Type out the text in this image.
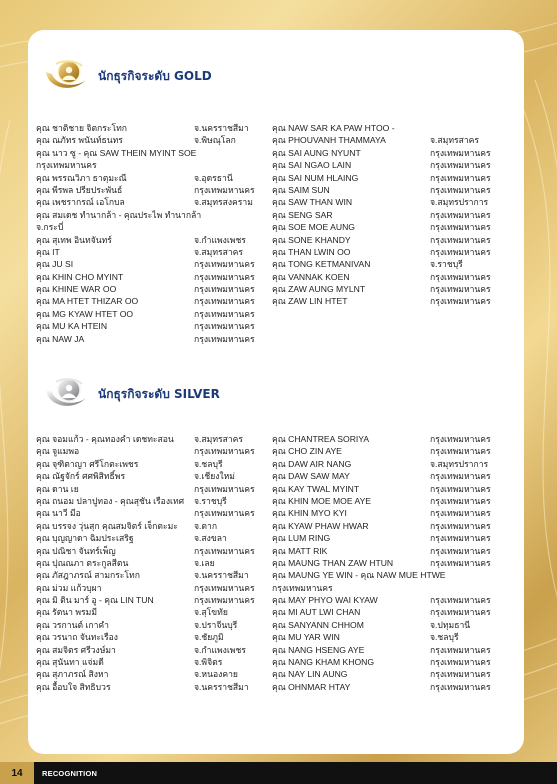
นักธุรกิจระดับ GOLD
คุณ ชาติชาย จิตกระโทก	จ.นครราชสีมา
คุณ ณภัทร พนันท์ธนทร	จ.พิษณุโลก
คุณ นาว ซู - คุณ SAW THEIN MYINT SOE
กรุงเทพมหานคร
คุณ พรรณวิภา ธาตุมะณี	จ.อุดรธานี
คุณ พีรพล ปรียประพันธ์	กรุงเทพมหานคร
คุณ เพชรากรณ์ เอโกบล	จ.สมุทรสงคราม
คุณ สมเดช ทำนากล้า - คุณประไพ ทำนากล้า
จ.กระบี่
คุณ สุเทพ อินทจันทร์	จ.กำแพงเพชร
คุณ IT	จ.สมุทรสาคร
คุณ JU SI	กรุงเทพมหานคร
คุณ KHIN CHO MYINT	กรุงเทพมหานคร
คุณ KHINE WAR OO	กรุงเทพมหานคร
คุณ MA HTET THIZAR OO	กรุงเทพมหานคร
คุณ MG KYAW HTET OO	กรุงเทพมหานคร
คุณ MU KA HTEIN	กรุงเทพมหานคร
คุณ NAW JA	กรุงเทพมหานคร
คุณ NAW SAR KA PAW HTOO -
คุณ PHOUVANH THAMMAYA	จ.สมุทรสาคร
คุณ SAI AUNG NYUNT	กรุงเทพมหานคร
คุณ SAI NGAO LAIN	กรุงเทพมหานคร
คุณ SAI NUM HLAING	กรุงเทพมหานคร
คุณ SAIM SUN	กรุงเทพมหานคร
คุณ SAW THAN WIN	จ.สมุทรปราการ
คุณ SENG SAR	กรุงเทพมหานคร
คุณ SOE MOE AUNG	กรุงเทพมหานคร
คุณ SONE KHANDY	กรุงเทพมหานคร
คุณ THAN LWIN OO	กรุงเทพมหานคร
คุณ TONG KETMANIVAN	จ.ราชบุรี
คุณ VANNAK KOEN	กรุงเทพมหานคร
คุณ ZAW AUNG MYLNT	กรุงเทพมหานคร
คุณ ZAW LIN HTET	กรุงเทพมหานคร
นักธุรกิจระดับ SILVER
คุณ จอมแก้ว - คุณทองคำ เดชทะสอน	จ.สมุทรสาคร
คุณ จูแมพอ	กรุงเทพมหานคร
คุณ จุฑิตาญา ศรีโกตะเพชร	จ.ชลบุรี
คุณ ณัฐจักร์ ศศพิสิทธิ์พร	จ.เชียงใหม่
คุณ ดาน เย	กรุงเทพมหานคร
คุณ ถนอม ปลาปูทอง - คุณสุชัน เรืองเทศ	จ.ราชบุรี
คุณ นาวี มีอ	กรุงเทพมหานคร
คุณ บรรจง วุ่นสุก คุณสมจิตร์ เจ็กตะมะ	จ.ตาก
คุณ บุญญาดา ฉิมประเสริฐ	จ.สงขลา
คุณ ปณิชา จันทร์เพ็ญ	กรุงเทพมหานคร
คุณ ปุณณภา ตระกูลสีตน	จ.เลย
คุณ ภัสฎาภรณ์ สามกระโทก	จ.นครราชสีมา
คุณ ม่วม แก้วบุผา	กรุงเทพมหานคร
คุณ มิ ติน มาร์ อู - คุณ LIN TUN	กรุงเทพมหานคร
คุณ รัตนา พรมมี	จ.สุโขทัย
คุณ วรกานต์ เกาคำ	จ.ปราจีนบุรี
คุณ วรนาถ จันทะเรือง	จ.ชัยภูมิ
คุณ สมจิตร ศรีวงษ์มา	จ.กำแพงเพชร
คุณ สุนันทา แจ่มดี	จ.พิจิตร
คุณ สุภาภรณ์ สิงหา	จ.หนองคาย
คุณ อื้อบใจ สิทธิบวร	จ.นครราชสีมา
คุณ CHANTREA SORIYA	กรุงเทพมหานคร
คุณ CHO ZIN AYE	กรุงเทพมหานคร
คุณ DAW AIR NANG	จ.สมุทรปราการ
คุณ DAW SAW MAY	กรุงเทพมหานคร
คุณ KAY TWAL MYINT	กรุงเทพมหานคร
คุณ KHIN MOE MOE AYE	กรุงเทพมหานคร
คุณ KHIN MYO KYI	กรุงเทพมหานคร
คุณ KYAW PHAW HWAR	กรุงเทพมหานคร
คุณ LUM RING	กรุงเทพมหานคร
คุณ MATT RIK	กรุงเทพมหานคร
คุณ MAUNG THAN ZAW HTUN	กรุงเทพมหานคร
คุณ MAUNG YE WIN - คุณ NAW MUE HTWE
กรุงเทพมหานคร
คุณ MAY PHYO WAI KYAW	กรุงเทพมหานคร
คุณ MI AUT LWI CHAN	กรุงเทพมหานคร
คุณ SANYANN CHHOM	จ.ปทุมธานี
คุณ MU YAR WIN	จ.ชลบุรี
คุณ NANG HSENG AYE	กรุงเทพมหานคร
คุณ NANG KHAM KHONG	กรุงเทพมหานคร
คุณ NAY LIN AUNG	กรุงเทพมหานคร
คุณ OHNMAR HTAY	กรุงเทพมหานคร
14	RECOGNITION
